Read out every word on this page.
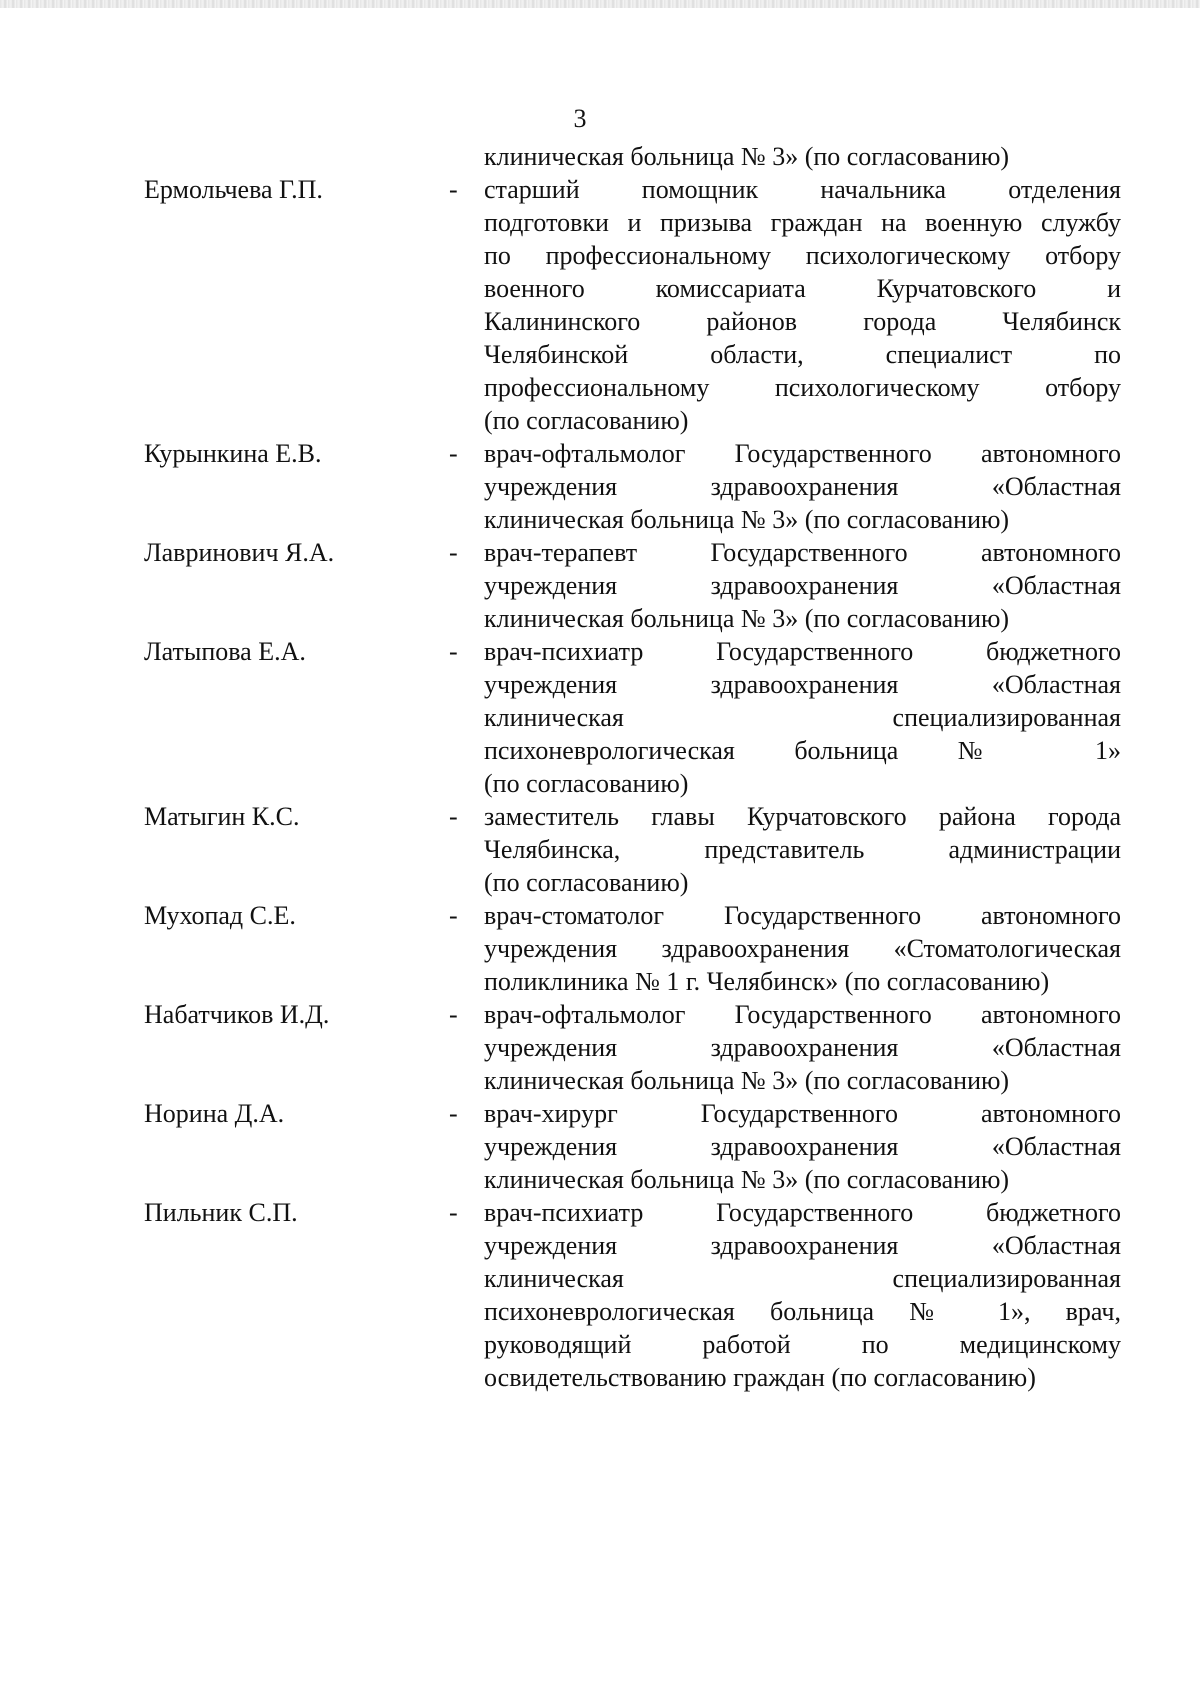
3
клиническая больница № 3» (по согласованию)
Ермольчева Г.П.	-	старший помощник начальника отделения
подготовки и призыва граждан на военную службу
по профессиональному психологическому отбору
военного комиссариата Курчатовского и
Калининского районов города Челябинск
Челябинской области, специалист по
профессиональному психологическому отбору
(по согласованию)
Курынкина Е.В.	-	врач-офтальмолог Государственного автономного
учреждения здравоохранения «Областная
клиническая больница № 3» (по согласованию)
Лавринович Я.А.	-	врач-терапевт Государственного автономного
учреждения здравоохранения «Областная
клиническая больница № 3» (по согласованию)
Латыпова Е.А.	-	врач-психиатр Государственного бюджетного
учреждения здравоохранения «Областная
клиническая специализированная
психоневрологическая больница № 1»
(по согласованию)
Матыгин К.С.	-	заместитель главы Курчатовского района города
Челябинска, представитель администрации
(по согласованию)
Мухопад С.Е.	-	врач-стоматолог Государственного автономного
учреждения здравоохранения «Стоматологическая
поликлиника № 1 г. Челябинск» (по согласованию)
Набатчиков И.Д.	-	врач-офтальмолог Государственного автономного
учреждения здравоохранения «Областная
клиническая больница № 3» (по согласованию)
Норина Д.А.	-	врач-хирург Государственного автономного
учреждения здравоохранения «Областная
клиническая больница № 3» (по согласованию)
Пильник С.П.	-	врач-психиатр Государственного бюджетного
учреждения здравоохранения «Областная
клиническая специализированная
психоневрологическая больница № 1», врач,
руководящий работой по медицинскому
освидетельствованию граждан (по согласованию)
